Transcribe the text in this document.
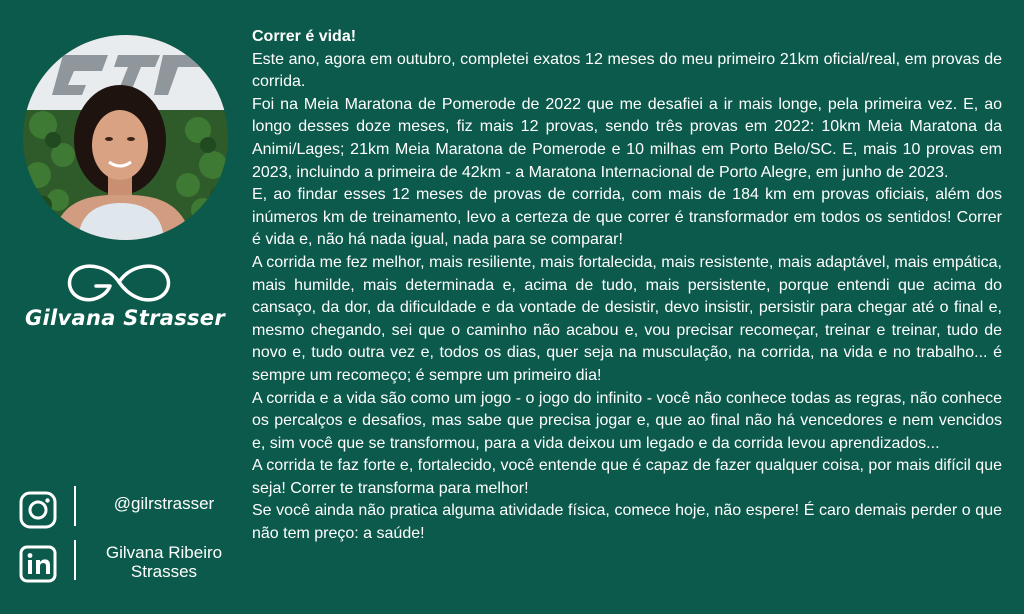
Gilvana Strasser
@gilrstrasser
Gilvana Ribeiro Strasses

Correr é vida!

Este ano, agora em outubro, completei exatos 12 meses do meu primeiro 21km oficial/real, em provas de corrida.

Foi na Meia Maratona de Pomerode de 2022 que me desafiei a ir mais longe, pela primeira vez. E, ao longo desses doze meses, fiz mais 12 provas, sendo três provas em 2022: 10km Meia Maratona da Animi/Lages; 21km Meia Maratona de Pomerode e 10 milhas em Porto Belo/SC. E, mais 10 provas em 2023, incluindo a primeira de 42km - a Maratona Internacional de Porto Alegre, em junho de 2023.

E, ao findar esses 12 meses de provas de corrida, com mais de 184 km em provas oficiais, além dos inúmeros km de treinamento, levo a certeza de que correr é transformador em todos os sentidos! Correr é vida e, não há nada igual, nada para se comparar!

A corrida me fez melhor, mais resiliente, mais fortalecida, mais resistente, mais adaptável, mais empática, mais humilde, mais determinada e, acima de tudo, mais persistente, porque entendi que acima do cansaço, da dor, da dificuldade e da vontade de desistir, devo insistir, persistir para chegar até o final e, mesmo chegando, sei que o caminho não acabou e, vou precisar recomeçar, treinar e treinar, tudo de novo e, tudo outra vez e, todos os dias, quer seja na musculação, na corrida, na vida e no trabalho... é sempre um recomeço; é sempre um primeiro dia!

A corrida e a vida são como um jogo - o jogo do infinito - você não conhece todas as regras, não conhece os percalços e desafios, mas sabe que precisa jogar e, que ao final não há vencedores e nem vencidos e, sim você que se transformou, para a vida deixou um legado e da corrida levou aprendizados...

A corrida te faz forte e, fortalecido, você entende que é capaz de fazer qualquer coisa, por mais difícil que seja! Correr te transforma para melhor!

Se você ainda não pratica alguma atividade física, comece hoje, não espere! É caro demais perder o que não tem preço: a saúde!
